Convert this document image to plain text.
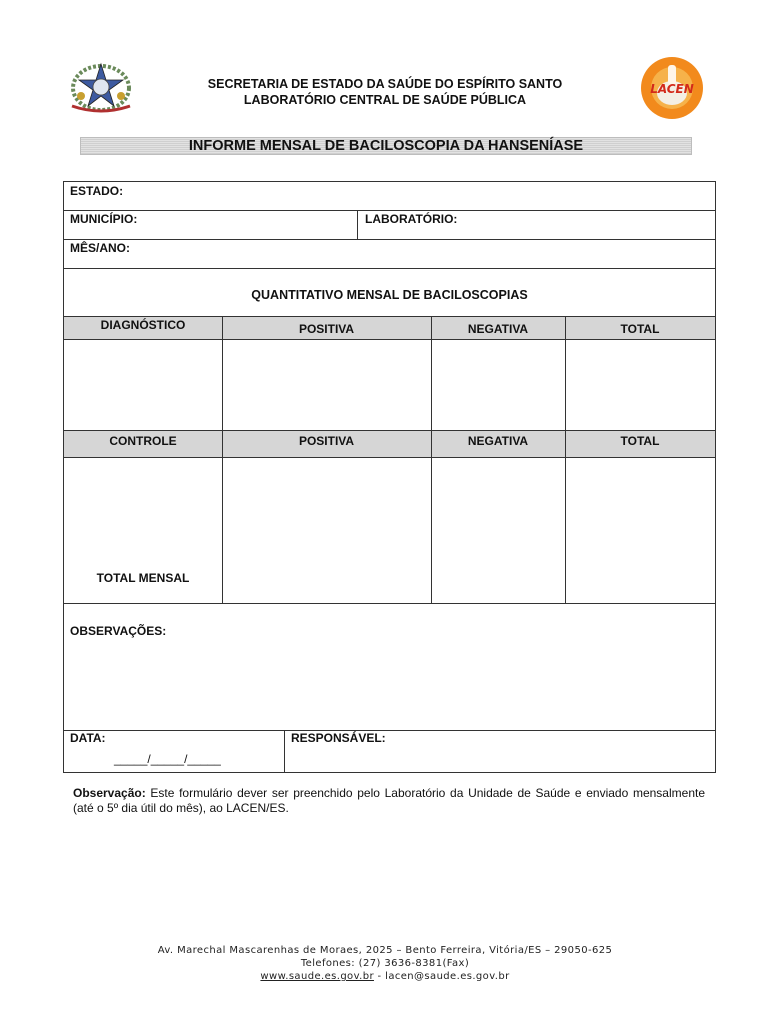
SECRETARIA DE ESTADO DA SAÚDE DO ESPÍRITO SANTO
LABORATÓRIO CENTRAL DE SAÚDE PÚBLICA
LACEN
INFORME MENSAL DE BACILOSCOPIA DA HANSENÍASE
ESTADO:
MUNICÍPIO:	LABORATÓRIO:
MÊS/ANO:
QUANTITATIVO MENSAL DE BACILOSCOPIAS
DIAGNÓSTICO	POSITIVA	NEGATIVA	TOTAL
CONTROLE	POSITIVA	NEGATIVA	TOTAL
TOTAL MENSAL
OBSERVAÇÕES:
DATA:
_____/_____/_____
RESPONSÁVEL:
Observação: Este formulário dever ser preenchido pelo Laboratório da Unidade de Saúde e enviado mensalmente (até o 5º dia útil do mês), ao LACEN/ES.
Av. Marechal Mascarenhas de Moraes, 2025 – Bento Ferreira, Vitória/ES – 29050-625
Telefones: (27) 3636-8381(Fax)
www.saude.es.gov.br - lacen@saude.es.gov.br
